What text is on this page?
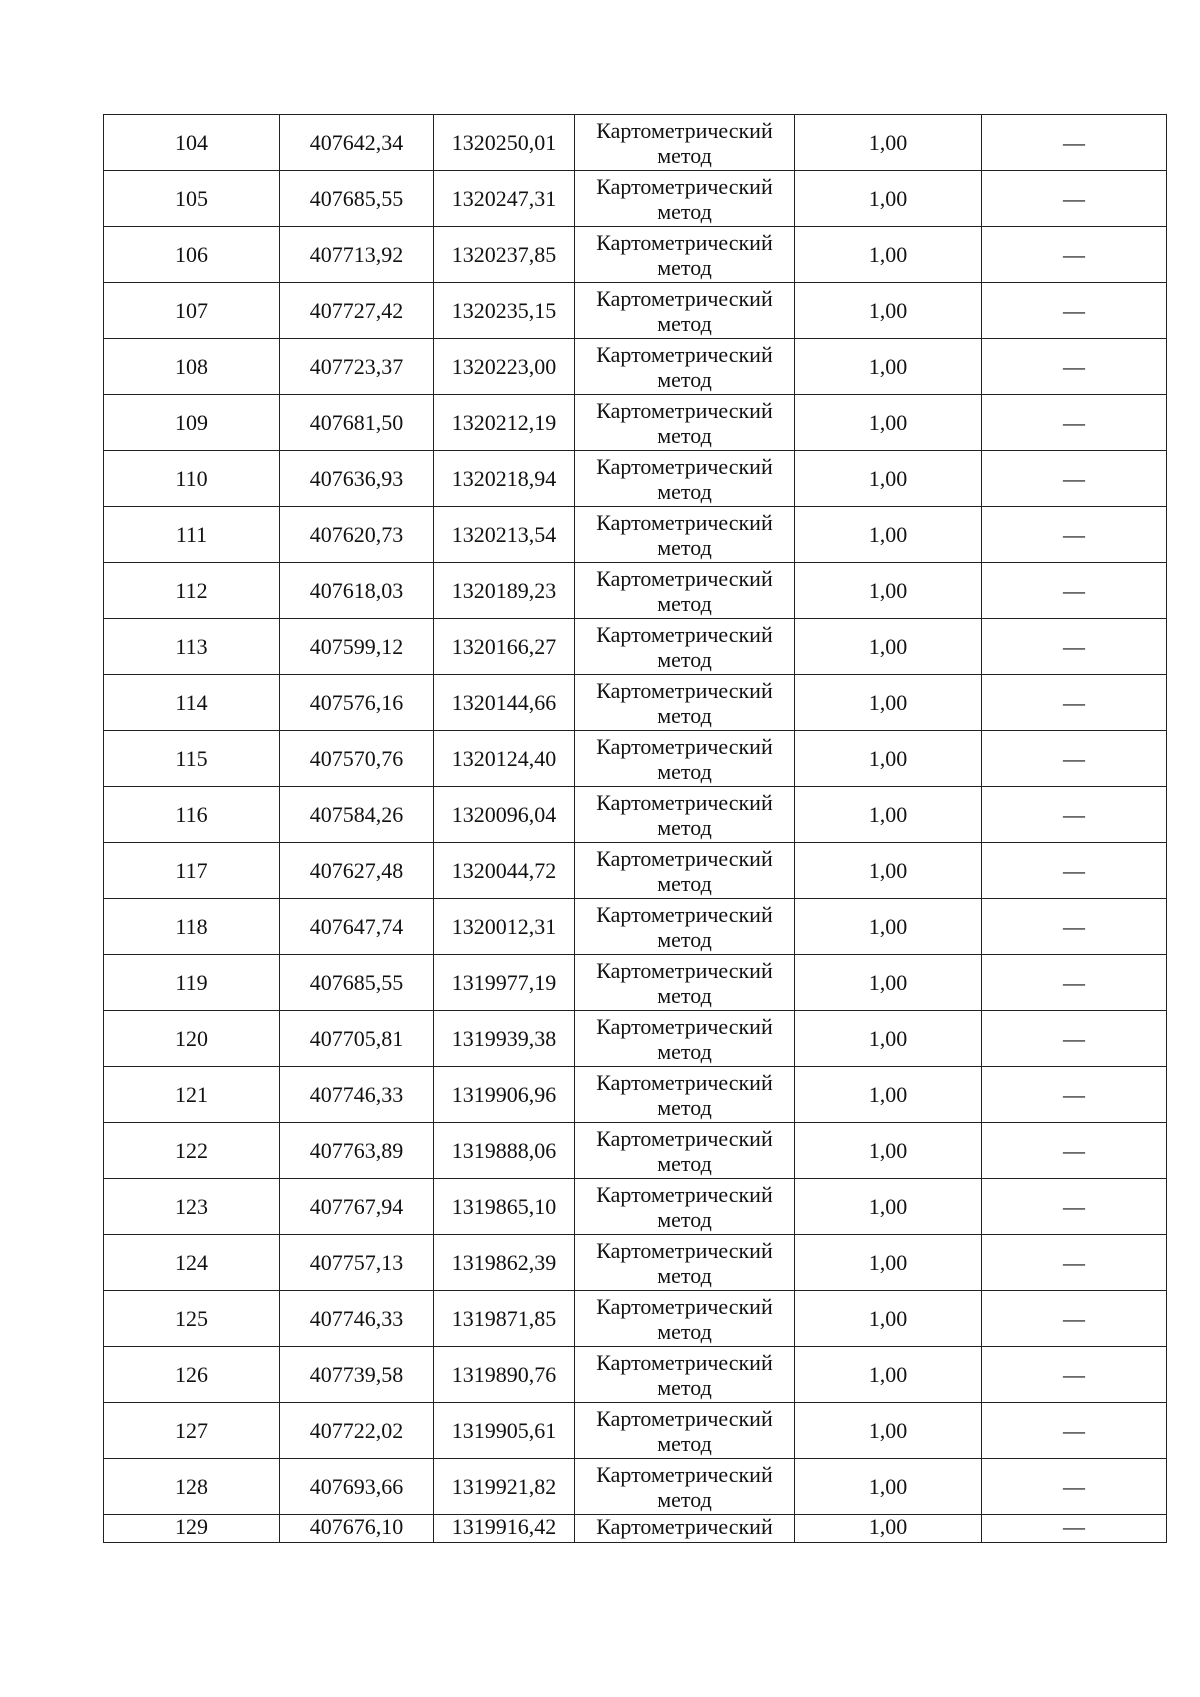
104	407642,34	1320250,01	Картометрический
метод	1,00	—
105	407685,55	1320247,31	Картометрический
метод	1,00	—
106	407713,92	1320237,85	Картометрический
метод	1,00	—
107	407727,42	1320235,15	Картометрический
метод	1,00	—
108	407723,37	1320223,00	Картометрический
метод	1,00	—
109	407681,50	1320212,19	Картометрический
метод	1,00	—
110	407636,93	1320218,94	Картометрический
метод	1,00	—
111	407620,73	1320213,54	Картометрический
метод	1,00	—
112	407618,03	1320189,23	Картометрический
метод	1,00	—
113	407599,12	1320166,27	Картометрический
метод	1,00	—
114	407576,16	1320144,66	Картометрический
метод	1,00	—
115	407570,76	1320124,40	Картометрический
метод	1,00	—
116	407584,26	1320096,04	Картометрический
метод	1,00	—
117	407627,48	1320044,72	Картометрический
метод	1,00	—
118	407647,74	1320012,31	Картометрический
метод	1,00	—
119	407685,55	1319977,19	Картометрический
метод	1,00	—
120	407705,81	1319939,38	Картометрический
метод	1,00	—
121	407746,33	1319906,96	Картометрический
метод	1,00	—
122	407763,89	1319888,06	Картометрический
метод	1,00	—
123	407767,94	1319865,10	Картометрический
метод	1,00	—
124	407757,13	1319862,39	Картометрический
метод	1,00	—
125	407746,33	1319871,85	Картометрический
метод	1,00	—
126	407739,58	1319890,76	Картометрический
метод	1,00	—
127	407722,02	1319905,61	Картометрический
метод	1,00	—
128	407693,66	1319921,82	Картометрический
метод	1,00	—
129	407676,10	1319916,42	Картометрический	1,00	—
